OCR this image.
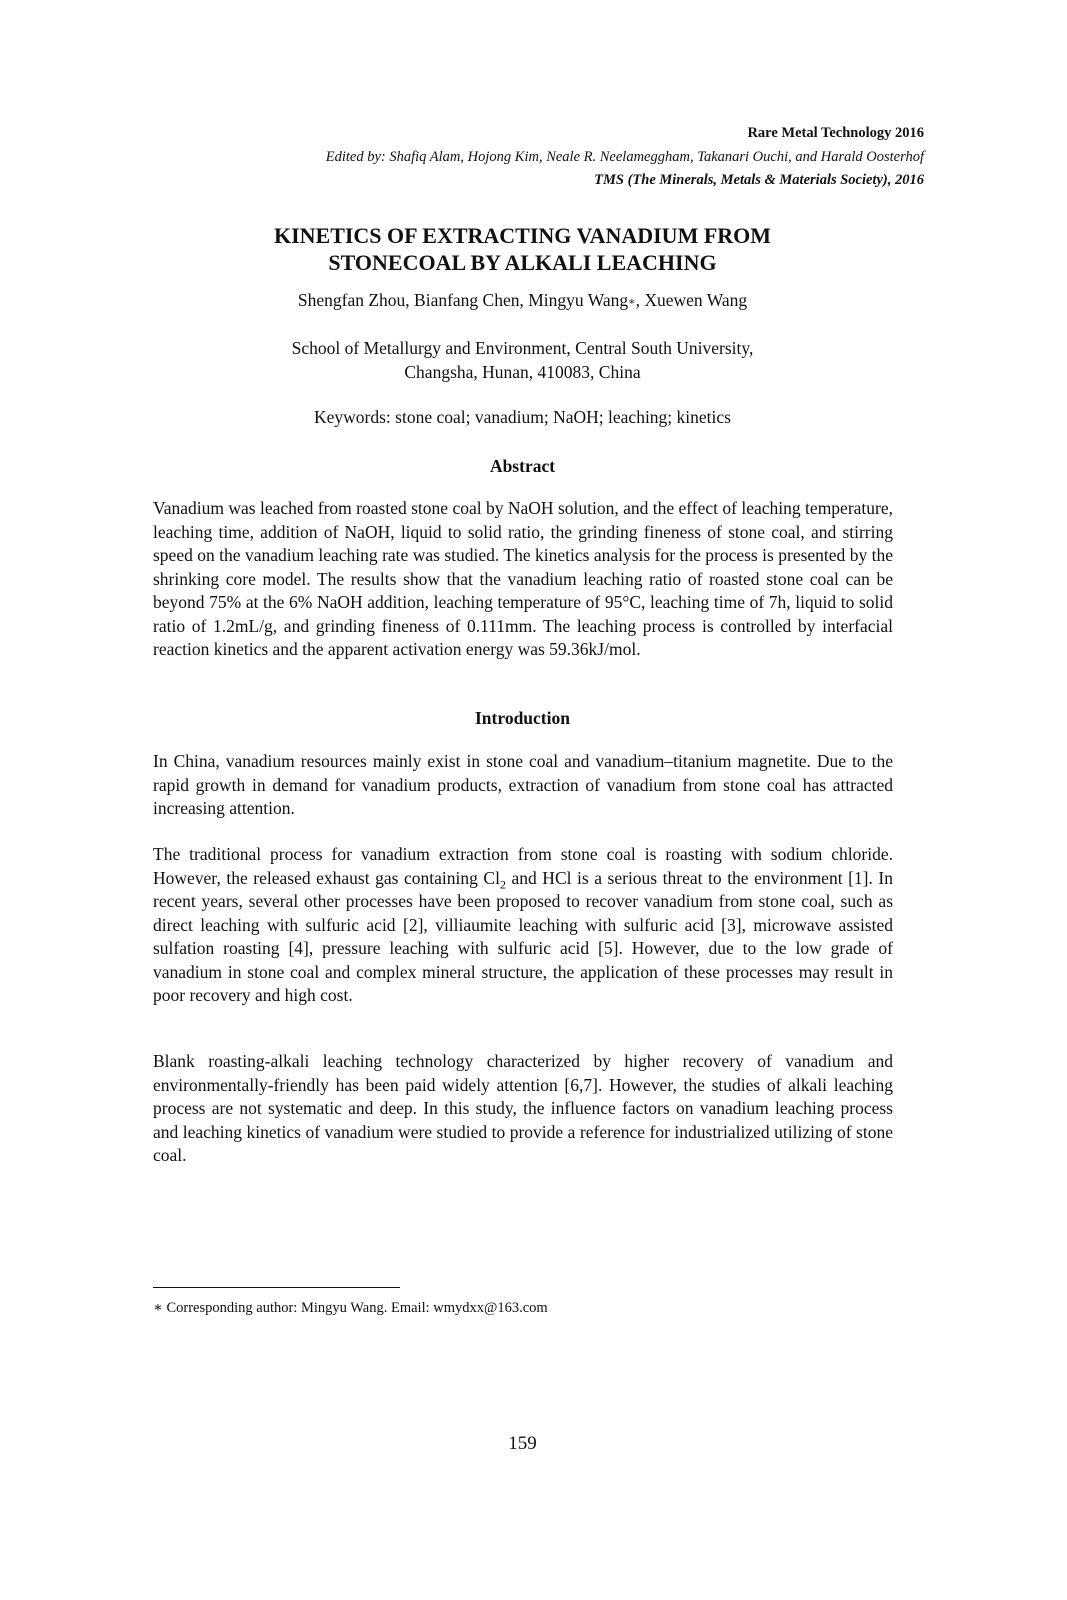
Rare Metal Technology 2016
Edited by: Shafiq Alam, Hojong Kim, Neale R. Neelameggham, Takanari Ouchi, and Harald Oosterhof
TMS (The Minerals, Metals & Materials Society), 2016
KINETICS OF EXTRACTING VANADIUM FROM
STONECOAL BY ALKALI LEACHING
Shengfan Zhou, Bianfang Chen, Mingyu Wang∗, Xuewen Wang
School of Metallurgy and Environment, Central South University,
Changsha, Hunan, 410083, China
Keywords: stone coal; vanadium; NaOH; leaching; kinetics
Abstract

Vanadium was leached from roasted stone coal by NaOH solution, and the effect of leaching temperature, leaching time, addition of NaOH, liquid to solid ratio, the grinding fineness of stone coal, and stirring speed on the vanadium leaching rate was studied. The kinetics analysis for the process is presented by the shrinking core model. The results show that the vanadium leaching ratio of roasted stone coal can be beyond 75% at the 6% NaOH addition, leaching temperature of 95°C, leaching time of 7h, liquid to solid ratio of 1.2mL/g, and grinding fineness of 0.111mm. The leaching process is controlled by interfacial reaction kinetics and the apparent activation energy was 59.36kJ/mol.

Introduction

In China, vanadium resources mainly exist in stone coal and vanadium–titanium magnetite. Due to the rapid growth in demand for vanadium products, extraction of vanadium from stone coal has attracted increasing attention.

The traditional process for vanadium extraction from stone coal is roasting with sodium chloride. However, the released exhaust gas containing $Cl_2$ and HCl is a serious threat to the environment [1]. In recent years, several other processes have been proposed to recover vanadium from stone coal, such as direct leaching with sulfuric acid [2], villiaumite leaching with sulfuric acid [3], microwave assisted sulfation roasting [4], pressure leaching with sulfuric acid [5]. However, due to the low grade of vanadium in stone coal and complex mineral structure, the application of these processes may result in poor recovery and high cost.

Blank roasting-alkali leaching technology characterized by higher recovery of vanadium and environmentally-friendly has been paid widely attention [6,7]. However, the studies of alkali leaching process are not systematic and deep. In this study, the influence factors on vanadium leaching process and leaching kinetics of vanadium were studied to provide a reference for industrialized utilizing of stone coal.

∗ Corresponding author: Mingyu Wang. Email: wmydxx@163.com
159
